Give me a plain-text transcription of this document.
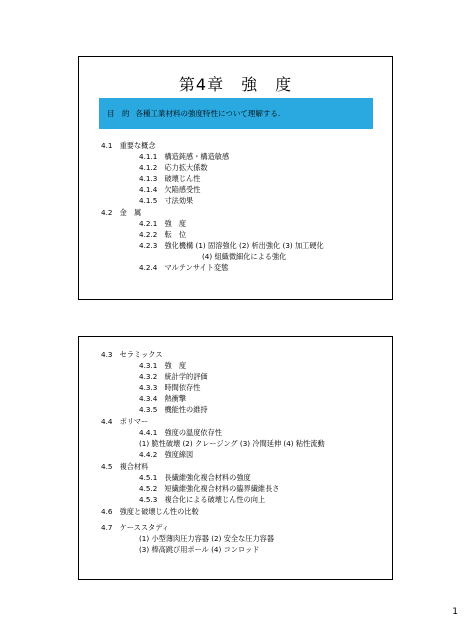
第4章　強　度
目　的 各種工業材料の強度特性について理解する.
4.1　重要な概念
4.1.1　構造鈍感・構造敏感
4.1.2　応力拡大係数
4.1.3　破壊じん性
4.1.4　欠陥感受性
4.1.5　寸法効果
4.2　金　属
4.2.1　強　度
4.2.2　転　位
4.2.3　強化機構 (1) 固溶強化 (2) 析出強化 (3) 加工硬化
(4) 組織微細化による強化
4.2.4　マルテンサイト変態
4.3　セラミックス
4.3.1　強　度
4.3.2　統計学的評価
4.3.3　時間依存性
4.3.4　熱衝撃
4.3.5　機能性の維持
4.4　ポリマー
4.4.1　強度の温度依存性
(1) 脆性破壊 (2) クレージング (3) 冷間延伸 (4) 粘性流動
4.4.2　強度線図
4.5　複合材料
4.5.1　長繊維強化複合材料の強度
4.5.2　短繊維強化複合材料の臨界繊維長さ
4.5.3　複合化による破壊じん性の向上
4.6　強度と破壊じん性の比較
4.7　ケーススタディ
(1) 小型薄肉圧力容器 (2) 安全な圧力容器
(3) 棒高跳び用ポール (4) コンロッド
1
